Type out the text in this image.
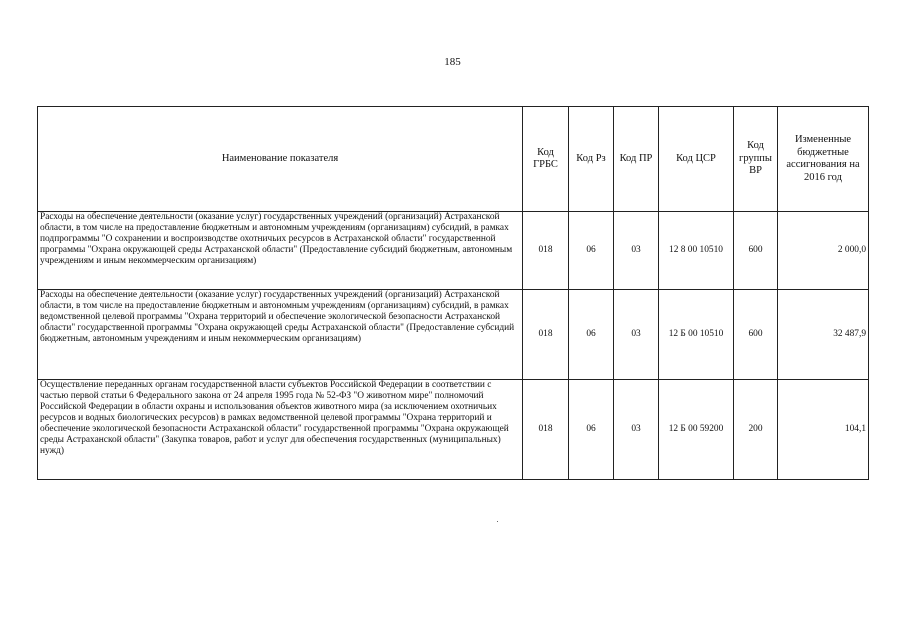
185
Наименование показателя	Код ГРБС	Код Рз	Код ПР	Код ЦСР	Код группы ВР	Измененные бюджетные ассигнования на 2016 год
Расходы на обеспечение деятельности (оказание услуг) государственных учреждений (организаций) Астраханской области, в том числе на предоставление бюджетным и автономным учреждениям (организациям) субсидий, в рамках подпрограммы "О сохранении и воспроизводстве охотничьих ресурсов в Астраханской области" государственной программы "Охрана окружающей среды Астраханской области" (Предоставление субсидий бюджетным, автономным учреждениям и иным некоммерческим организациям)	018	06	03	12 8 00 10510	600	2 000,0
Расходы на обеспечение деятельности (оказание услуг) государственных учреждений (организаций) Астраханской области, в том числе на предоставление бюджетным и автономным учреждениям (организациям) субсидий, в рамках ведомственной целевой программы "Охрана территорий и обеспечение экологической безопасности Астраханской области" государственной программы "Охрана окружающей среды Астраханской области" (Предоставление субсидий бюджетным, автономным учреждениям и иным некоммерческим организациям)	018	06	03	12 Б 00 10510	600	32 487,9
Осуществление переданных органам государственной власти субъектов Российской Федерации в соответствии с частью первой статьи 6 Федерального закона от 24 апреля 1995 года № 52-ФЗ "О животном мире" полномочий Российской Федерации в области охраны и использования объектов животного мира (за исключением охотничьих ресурсов и водных биологических ресурсов) в рамках ведомственной целевой программы "Охрана территорий и обеспечение экологической безопасности Астраханской области" государственной программы "Охрана окружающей среды Астраханской области" (Закупка товаров, работ и услуг для обеспечения государственных (муниципальных) нужд)	018	06	03	12 Б 00 59200	200	104,1
